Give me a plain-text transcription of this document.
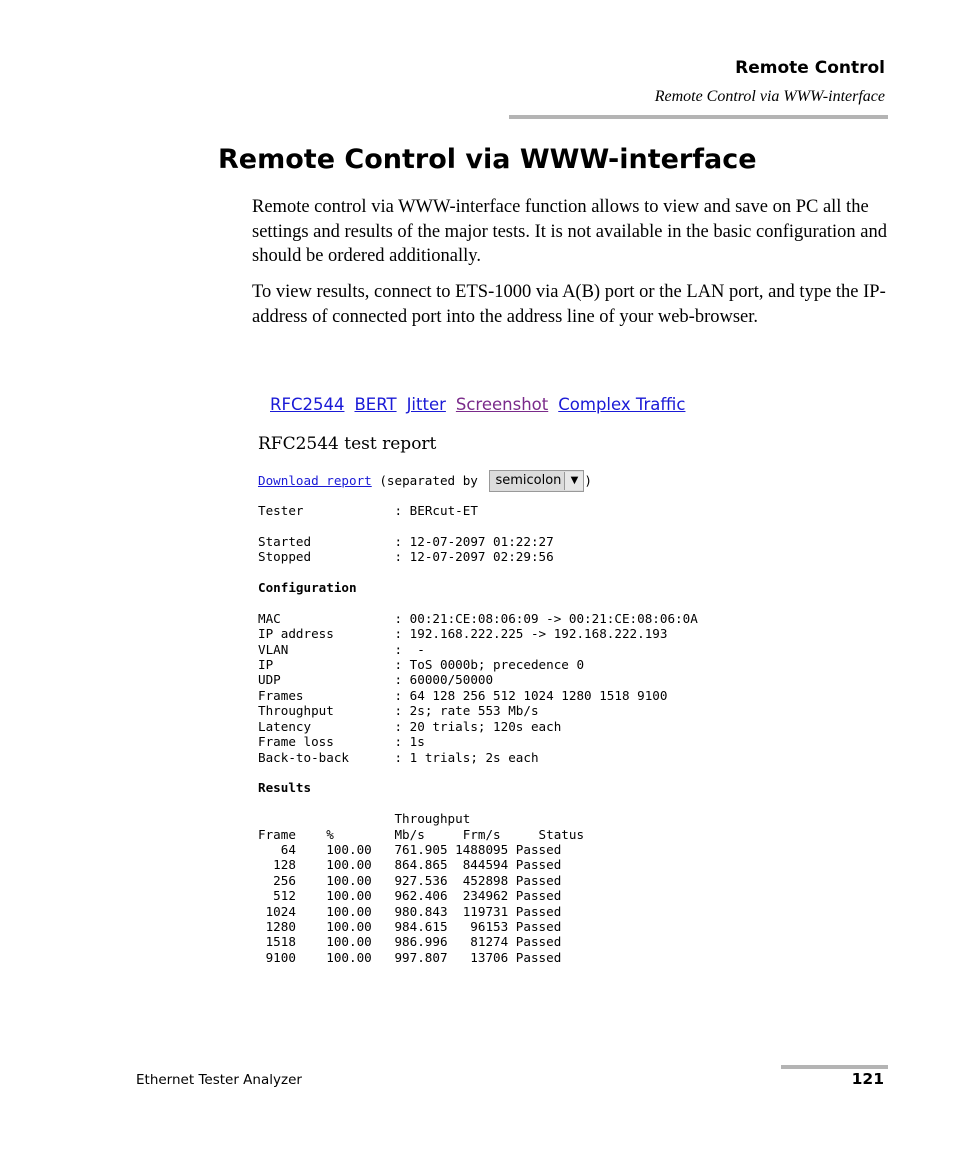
Remote Control
Remote Control via WWW-interface
Remote Control via WWW-interface

Remote control via WWW-interface function allows to view and save on PC all the settings and results of the major tests. It is not available in the basic configuration and should be ordered additionally.

To view results, connect to ETS-1000 via A(B) port or the LAN port, and type the IP-address of connected port into the address line of your web-browser.

RFC2544 BERT Jitter Screenshot Complex Traffic
RFC2544 test report
Download report (separated by semicolon ▼ )
Tester            : BERcut-ET

Started           : 12-07-2097 01:22:27
Stopped           : 12-07-2097 02:29:56

Configuration

MAC               : 00:21:CE:08:06:09 -> 00:21:CE:08:06:0A
IP address        : 192.168.222.225 -> 192.168.222.193
VLAN              :  -
IP                : ToS 0000b; precedence 0
UDP               : 60000/50000
Frames            : 64 128 256 512 1024 1280 1518 9100
Throughput        : 2s; rate 553 Mb/s
Latency           : 20 trials; 120s each
Frame loss        : 1s
Back-to-back      : 1 trials; 2s each

Results

Throughput
Frame    %        Mb/s     Frm/s     Status
64    100.00   761.905 1488095 Passed
128    100.00   864.865  844594 Passed
256    100.00   927.536  452898 Passed
512    100.00   962.406  234962 Passed
1024    100.00   980.843  119731 Passed
1280    100.00   984.615   96153 Passed
1518    100.00   986.996   81274 Passed
9100    100.00   997.807   13706 Passed
Ethernet Tester Analyzer	121
